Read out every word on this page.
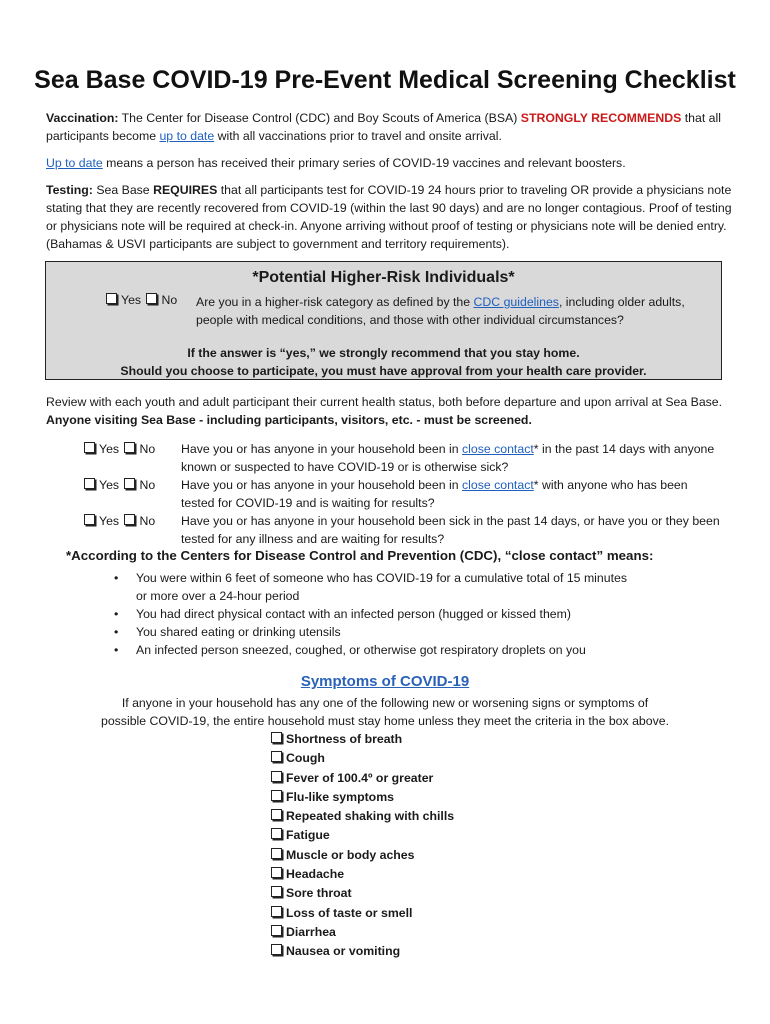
Sea Base COVID-19 Pre-Event Medical Screening Checklist

Vaccination: The Center for Disease Control (CDC) and Boy Scouts of America (BSA) STRONGLY RECOMMENDS that all participants become up to date with all vaccinations prior to travel and onsite arrival.

Up to date means a person has received their primary series of COVID-19 vaccines and relevant boosters.

Testing: Sea Base REQUIRES that all participants test for COVID-19 24 hours prior to traveling OR provide a physicians note stating that they are recently recovered from COVID-19 (within the last 90 days) and are no longer contagious. Proof of testing or physicians note will be required at check-in. Anyone arriving without proof of testing or physicians note will be denied entry. (Bahamas & USVI participants are subject to government and territory requirements).

*Potential Higher-Risk Individuals*
Yes No Are you in a higher-risk category as defined by the CDC guidelines, including older adults, people with medical conditions, and those with other individual circumstances?
If the answer is “yes,” we strongly recommend that you stay home.
Should you choose to participate, you must have approval from your health care provider.

Review with each youth and adult participant their current health status, both before departure and upon arrival at Sea Base. Anyone visiting Sea Base - including participants, visitors, etc. - must be screened.

Yes No Have you or has anyone in your household been in close contact* in the past 14 days with anyone known or suspected to have COVID-19 or is otherwise sick?
Yes No Have you or has anyone in your household been in close contact* with anyone who has been tested for COVID-19 and is waiting for results?
Yes No Have you or has anyone in your household been sick in the past 14 days, or have you or they been tested for any illness and are waiting for results?
*According to the Centers for Disease Control and Prevention (CDC), “close contact” means:
• You were within 6 feet of someone who has COVID-19 for a cumulative total of 15 minutes or more over a 24-hour period
• You had direct physical contact with an infected person (hugged or kissed them)
• You shared eating or drinking utensils
• An infected person sneezed, coughed, or otherwise got respiratory droplets on you
Symptoms of COVID-19
If anyone in your household has any one of the following new or worsening signs or symptoms of
possible COVID-19, the entire household must stay home unless they meet the criteria in the box above.
Shortness of breath
Cough
Fever of 100.4º or greater
Flu-like symptoms
Repeated shaking with chills
Fatigue
Muscle or body aches
Headache
Sore throat
Loss of taste or smell
Diarrhea
Nausea or vomiting
